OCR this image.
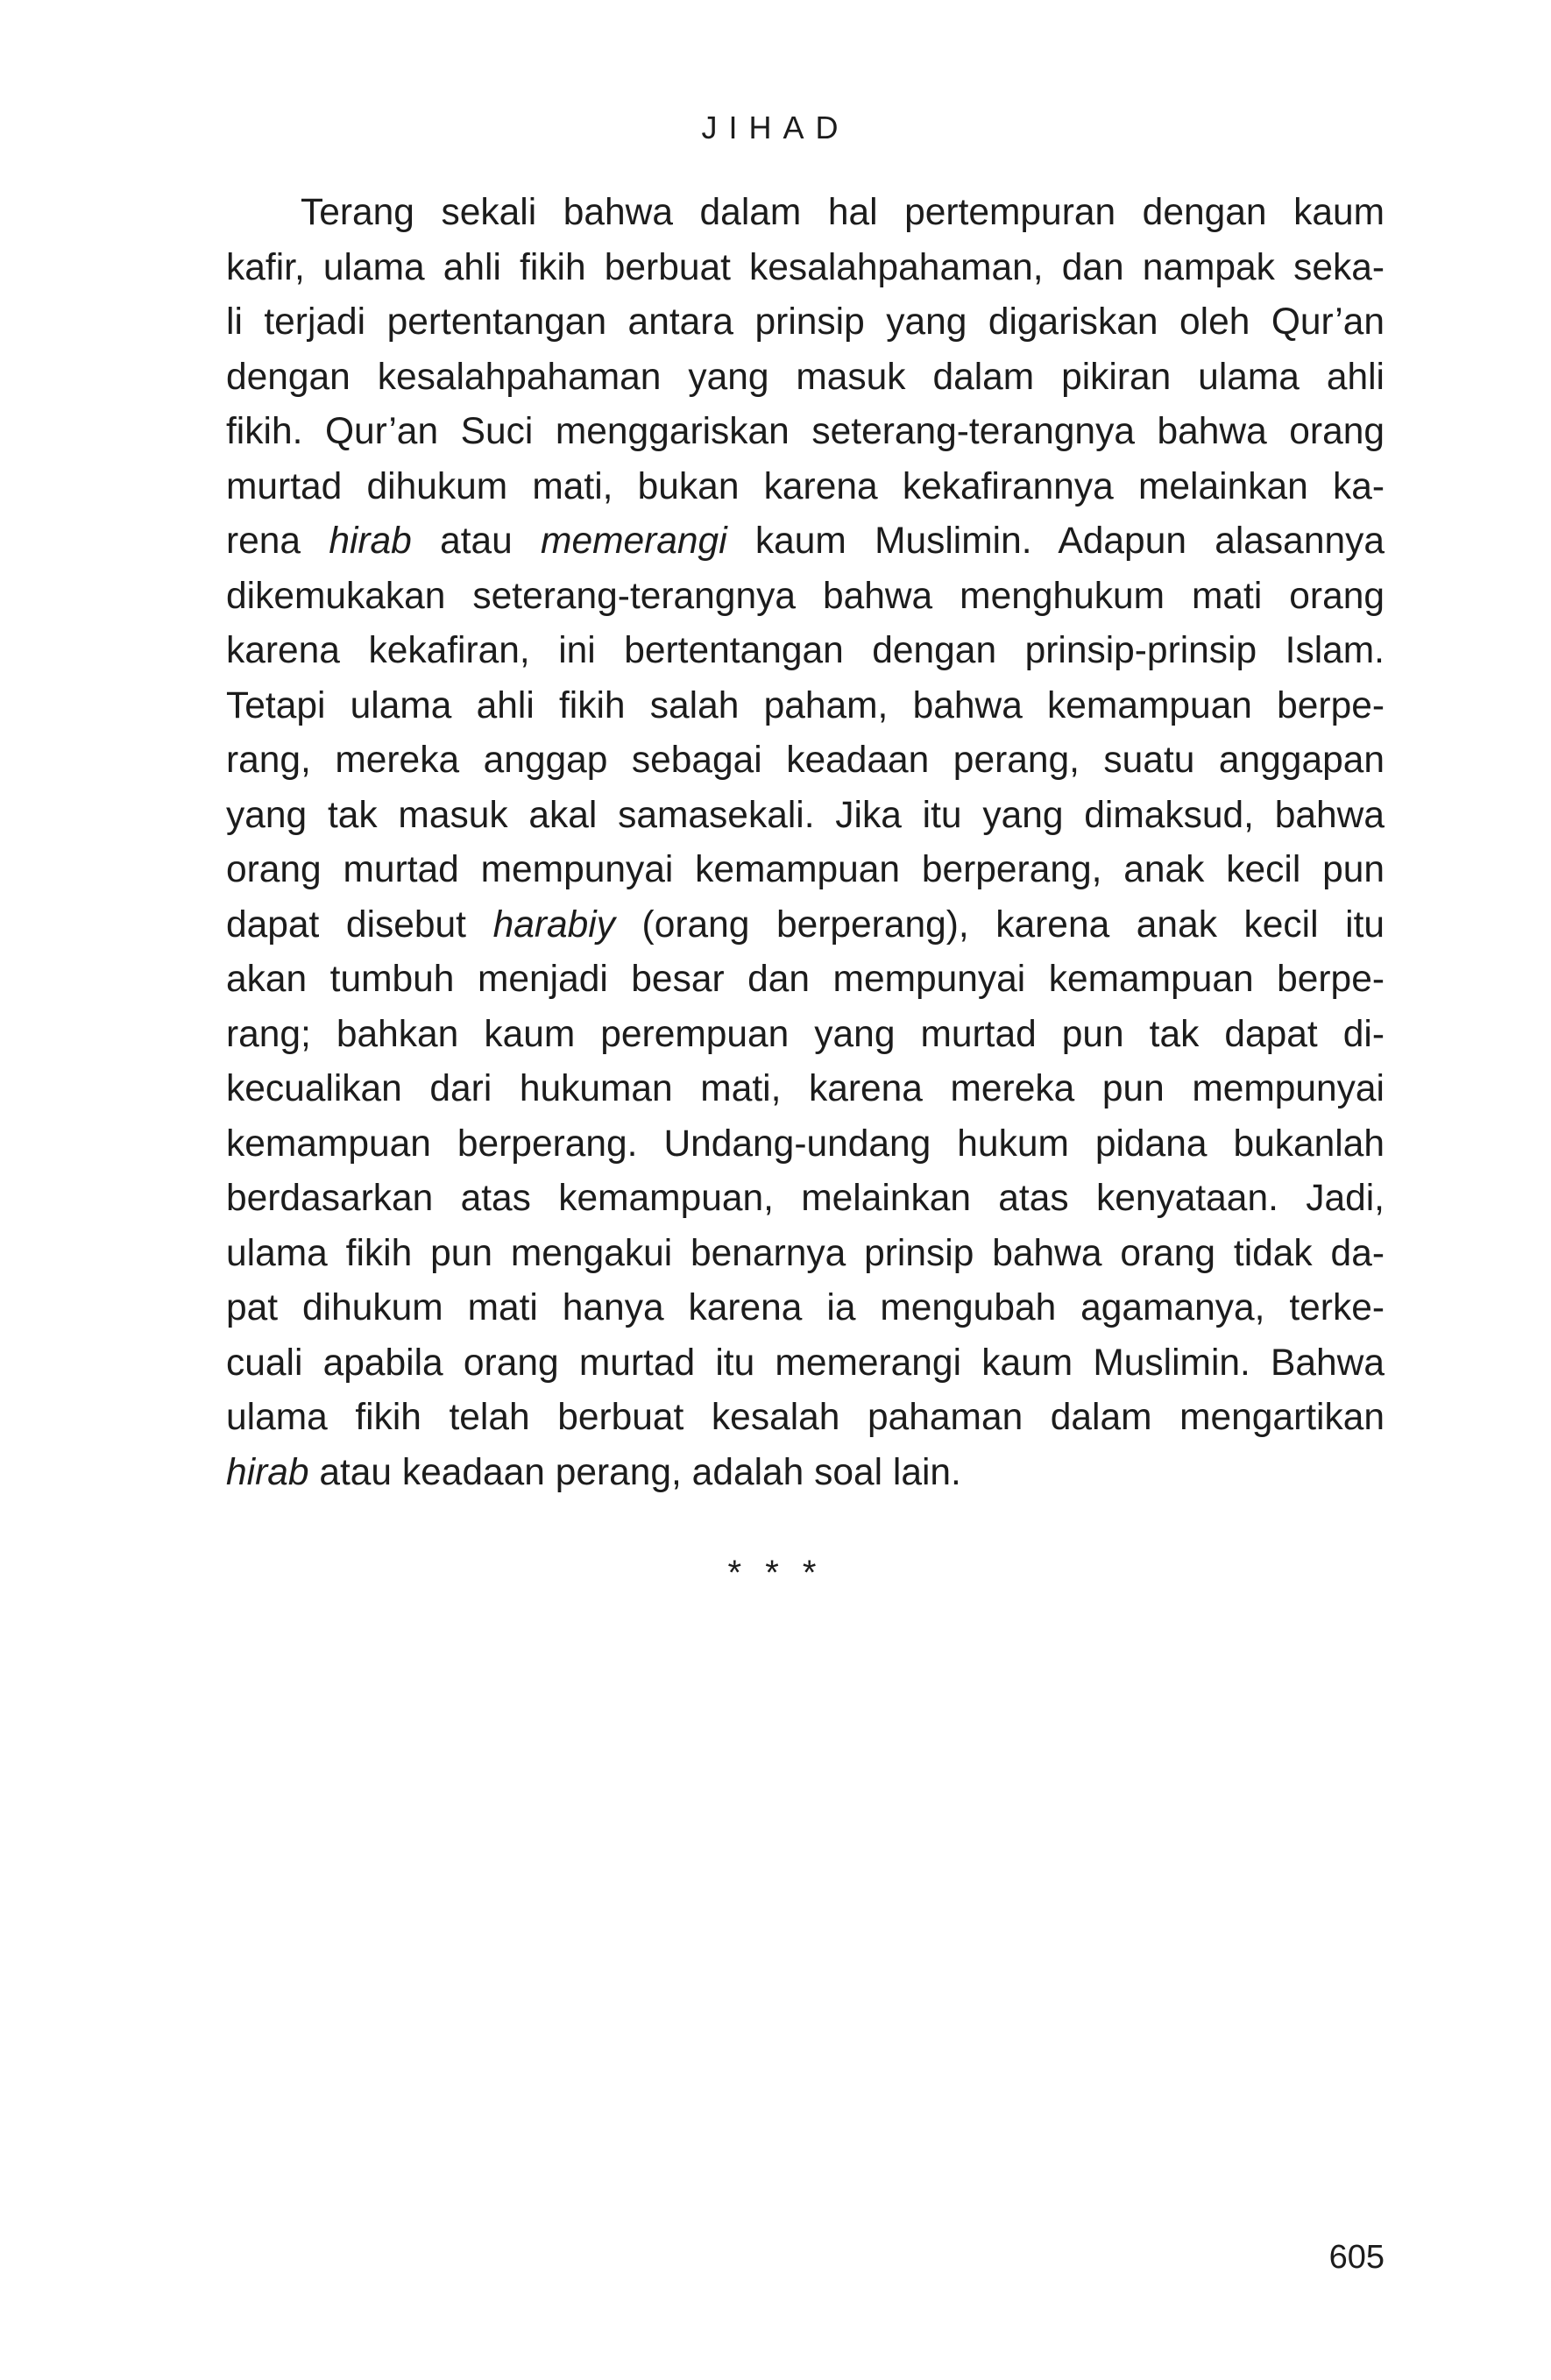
JIHAD
Terang sekali bahwa dalam hal pertempuran dengan kaum
kafir, ulama ahli fikih berbuat kesalahpahaman, dan nampak seka-
li terjadi pertentangan antara prinsip yang digariskan oleh Qur’an
dengan kesalahpahaman yang masuk dalam pikiran ulama ahli
fikih. Qur’an Suci menggariskan seterang-terangnya bahwa orang
murtad dihukum mati, bukan karena kekafirannya melainkan ka-
rena hirab atau memerangi kaum Muslimin. Adapun alasannya
dikemukakan seterang-terangnya bahwa menghukum mati orang
karena kekafiran, ini bertentangan dengan prinsip-prinsip Islam.
Tetapi ulama ahli fikih salah paham, bahwa kemampuan berpe-
rang, mereka anggap sebagai keadaan perang, suatu anggapan
yang tak masuk akal samasekali. Jika itu yang dimaksud, bahwa
orang murtad mempunyai kemampuan berperang, anak kecil pun
dapat disebut harabiy (orang berperang), karena anak kecil itu
akan tumbuh menjadi besar dan mempunyai kemampuan berpe-
rang; bahkan kaum perempuan yang murtad pun tak dapat di-
kecualikan dari hukuman mati, karena mereka pun mempunyai
kemampuan berperang. Undang-undang hukum pidana bukanlah
berdasarkan atas kemampuan, melainkan atas kenyataan. Jadi,
ulama fikih pun mengakui benarnya prinsip bahwa orang tidak da-
pat dihukum mati hanya karena ia mengubah agamanya, terke-
cuali apabila orang murtad itu memerangi kaum Muslimin. Bahwa
ulama fikih telah berbuat kesalah pahaman dalam mengartikan
hirab atau keadaan perang, adalah soal lain.
* * *
605
